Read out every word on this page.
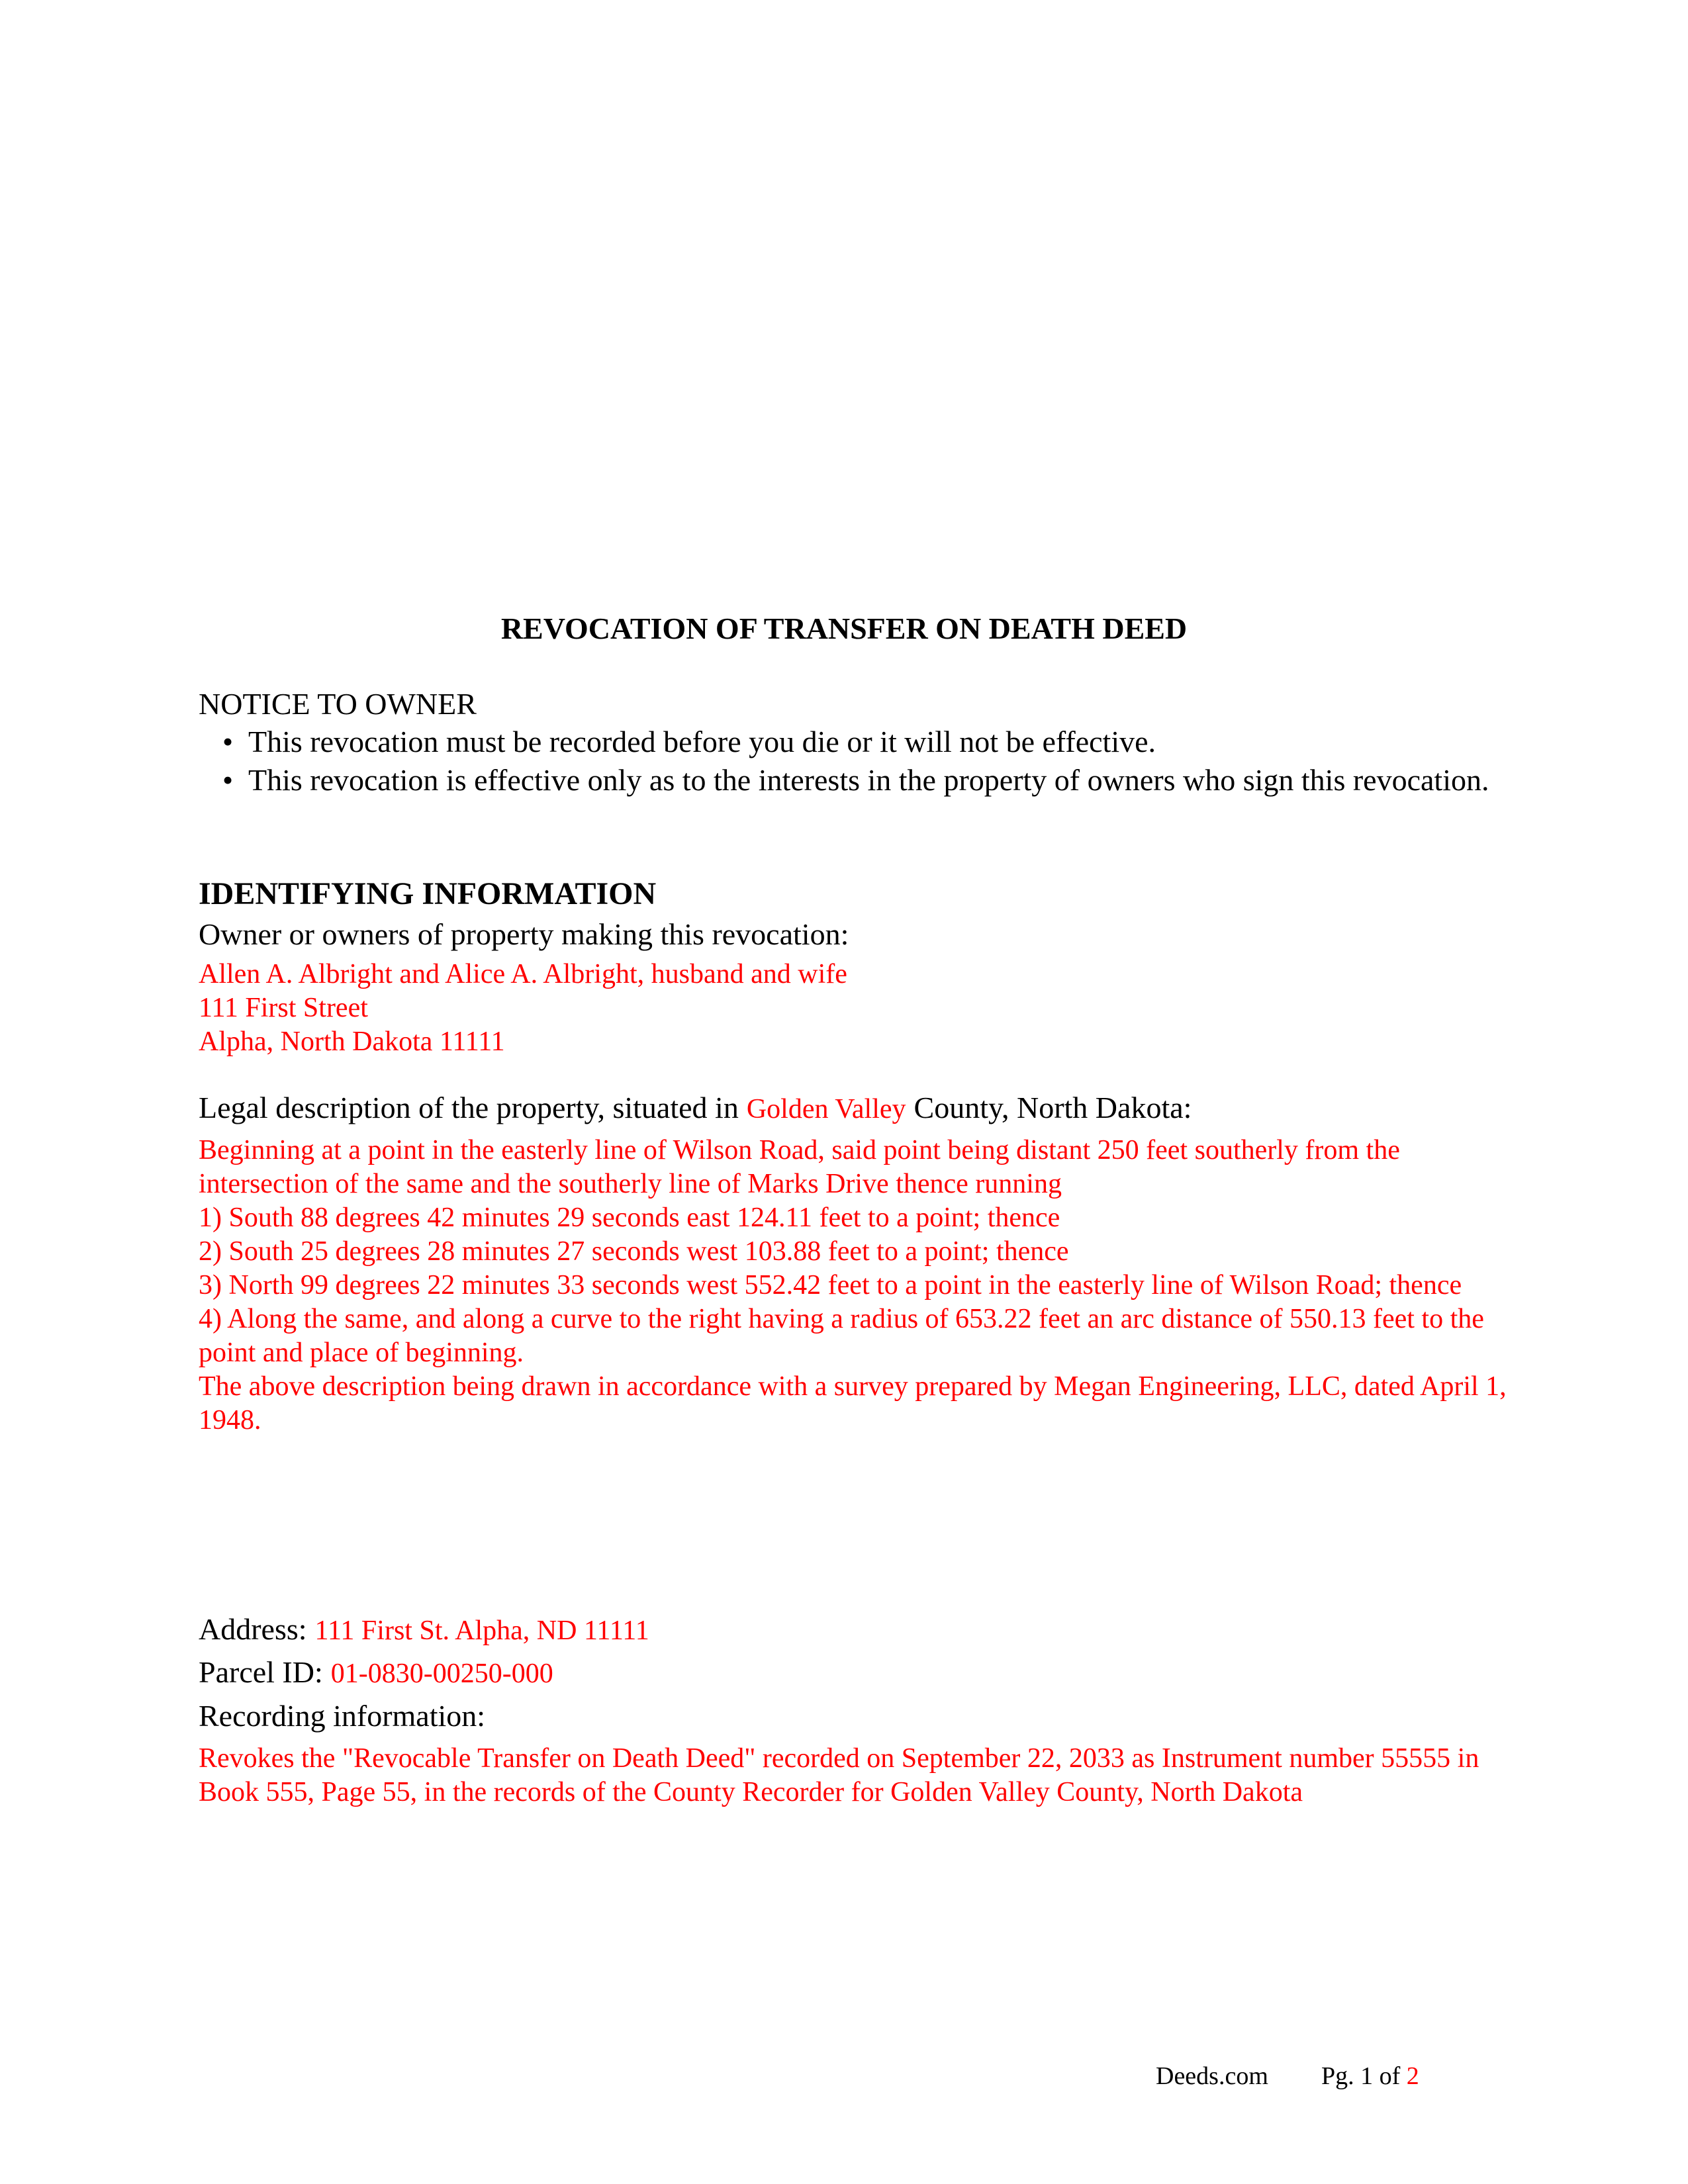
REVOCATION OF TRANSFER ON DEATH DEED
NOTICE TO OWNER
• This revocation must be recorded before you die or it will not be effective.
• This revocation is effective only as to the interests in the property of owners who sign this revocation.
IDENTIFYING INFORMATION
Owner or owners of property making this revocation:
Allen A. Albright and Alice A. Albright, husband and wife
111 First Street
Alpha, North Dakota 11111
Legal description of the property, situated in Golden Valley County, North Dakota:
Beginning at a point in the easterly line of Wilson Road, said point being distant 250 feet southerly from the intersection of the same and the southerly line of Marks Drive thence running
1) South 88 degrees 42 minutes 29 seconds east 124.11 feet to a point; thence
2) South 25 degrees 28 minutes 27 seconds west 103.88 feet to a point; thence
3) North 99 degrees 22 minutes 33 seconds west 552.42 feet to a point in the easterly line of Wilson Road; thence
4) Along the same, and along a curve to the right having a radius of 653.22 feet an arc distance of 550.13 feet to the point and place of beginning.
The above description being drawn in accordance with a survey prepared by Megan Engineering, LLC, dated April 1, 1948.
Address: 111 First St. Alpha, ND 11111
Parcel ID: 01-0830-00250-000
Recording information:
Revokes the "Revocable Transfer on Death Deed" recorded on September 22, 2033 as Instrument number 55555 in Book 555, Page 55, in the records of the County Recorder for Golden Valley County, North Dakota
Deeds.com Pg. 1 of 2
